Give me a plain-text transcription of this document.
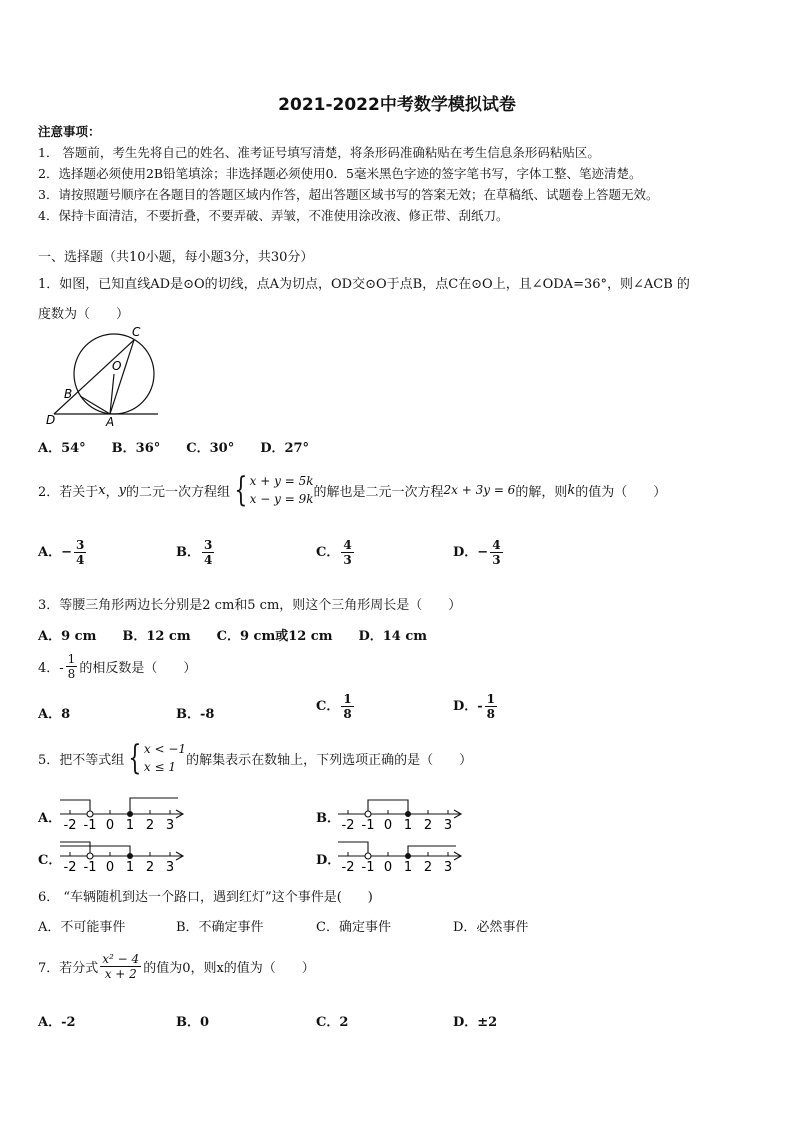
2021-2022中考数学模拟试卷
注意事项：
1． 答题前，考生先将自己的姓名、准考证号填写清楚，将条形码准确粘贴在考生信息条形码粘贴区。
2．选择题必须使用2B铅笔填涂；非选择题必须使用0．5毫米黑色字迹的签字笔书写，字体工整、笔迹清楚。
3．请按照题号顺序在各题目的答题区域内作答，超出答题区域书写的答案无效；在草稿纸、试题卷上答题无效。
4．保持卡面清洁，不要折叠，不要弄破、弄皱，不准使用涂改液、修正带、刮纸刀。
一、选择题（共10小题，每小题3分，共30分）
1．如图，已知直线AD是⊙O的切线，点A为切点，OD交⊙O于点B，点C在⊙O上，且∠ODA=36°，则∠ACB 的
度数为（　　）
C
O
B
D	A
A．54°　　B．36°　　C．30°　　D．27°
2．若关于 x ， y 的二元一次方程组 { x + y = 5k
x − y = 9k 的解也是二元一次方程 2x + 3y = 6 的解，则 k 的值为（　　）
A．− $\frac{3}{4}$	B． $\frac{3}{4}$	C． $\frac{4}{3}$	D．− $\frac{4}{3}$
3．等腰三角形两边长分别是2 cm和5 cm，则这个三角形周长是（　　）
A．9 cm　　B．12 cm　　C．9 cm或12 cm　　D．14 cm
4．- $\frac{1}{8}$ 的相反数是（　　）
A．8	B．-8
C． $\frac{1}{8}$	D．- $\frac{1}{8}$
5．把不等式组 { x < −1
x ≤ 1 的解集表示在数轴上，下列选项正确的是（　　）
A．	B．
C．	D．
-2 -1 0 1 2 3	-2 -1 0 1 2 3
-2 -1 0 1 2 3	-2 -1 0 1 2 3
6． “车辆随机到达一个路口，遇到红灯”这个事件是(　　)
A．不可能事件	B．不确定事件	C．确定事件	D．必然事件
7．若分式 $\frac{\text{x² − 4}}{x + 2}$ 的值为0，则x的值为（　　）
A．-2	B．0	C．2	D．±2
